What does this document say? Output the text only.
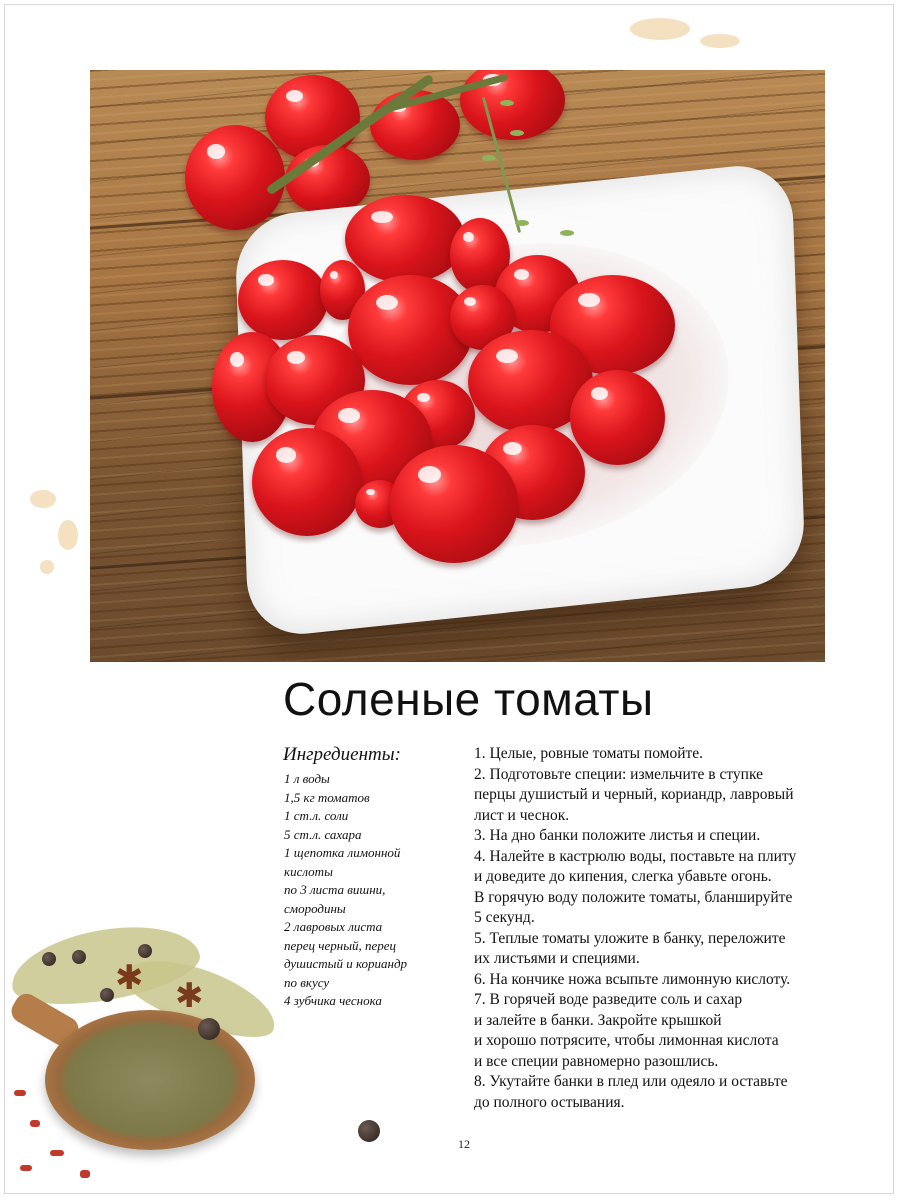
Соленые томаты
Ингредиенты:
1 л воды
1,5 кг томатов
1 ст.л. соли
5 ст.л. сахара
1 щепотка лимонной
кислоты
по 3 листа вишни,
смородины
2 лавровых листа
перец черный, перец
душистый и кориандр
по вкусу
4 зубчика чеснока
1. Целые, ровные томаты помойте.
2. Подготовьте специи: измельчите в ступке
перцы душистый и черный, кориандр, лавровый
лист и чеснок.
3. На дно банки положите листья и специи.
4. Налейте в кастрюлю воды, поставьте на плиту
и доведите до кипения, слегка убавьте огонь.
В горячую воду положите томаты, бланшируйте
5 секунд.
5. Теплые томаты уложите в банку, переложите
их листьями и специями.
6. На кончике ножа всыпьте лимонную кислоту.
7. В горячей воде разведите соль и сахар
и залейте в банки. Закройте крышкой
и хорошо потрясите, чтобы лимонная кислота
и все специи равномерно разошлись.
8. Укутайте банки в плед или одеяло и оставьте
до полного остывания.
✱ ✱
12
